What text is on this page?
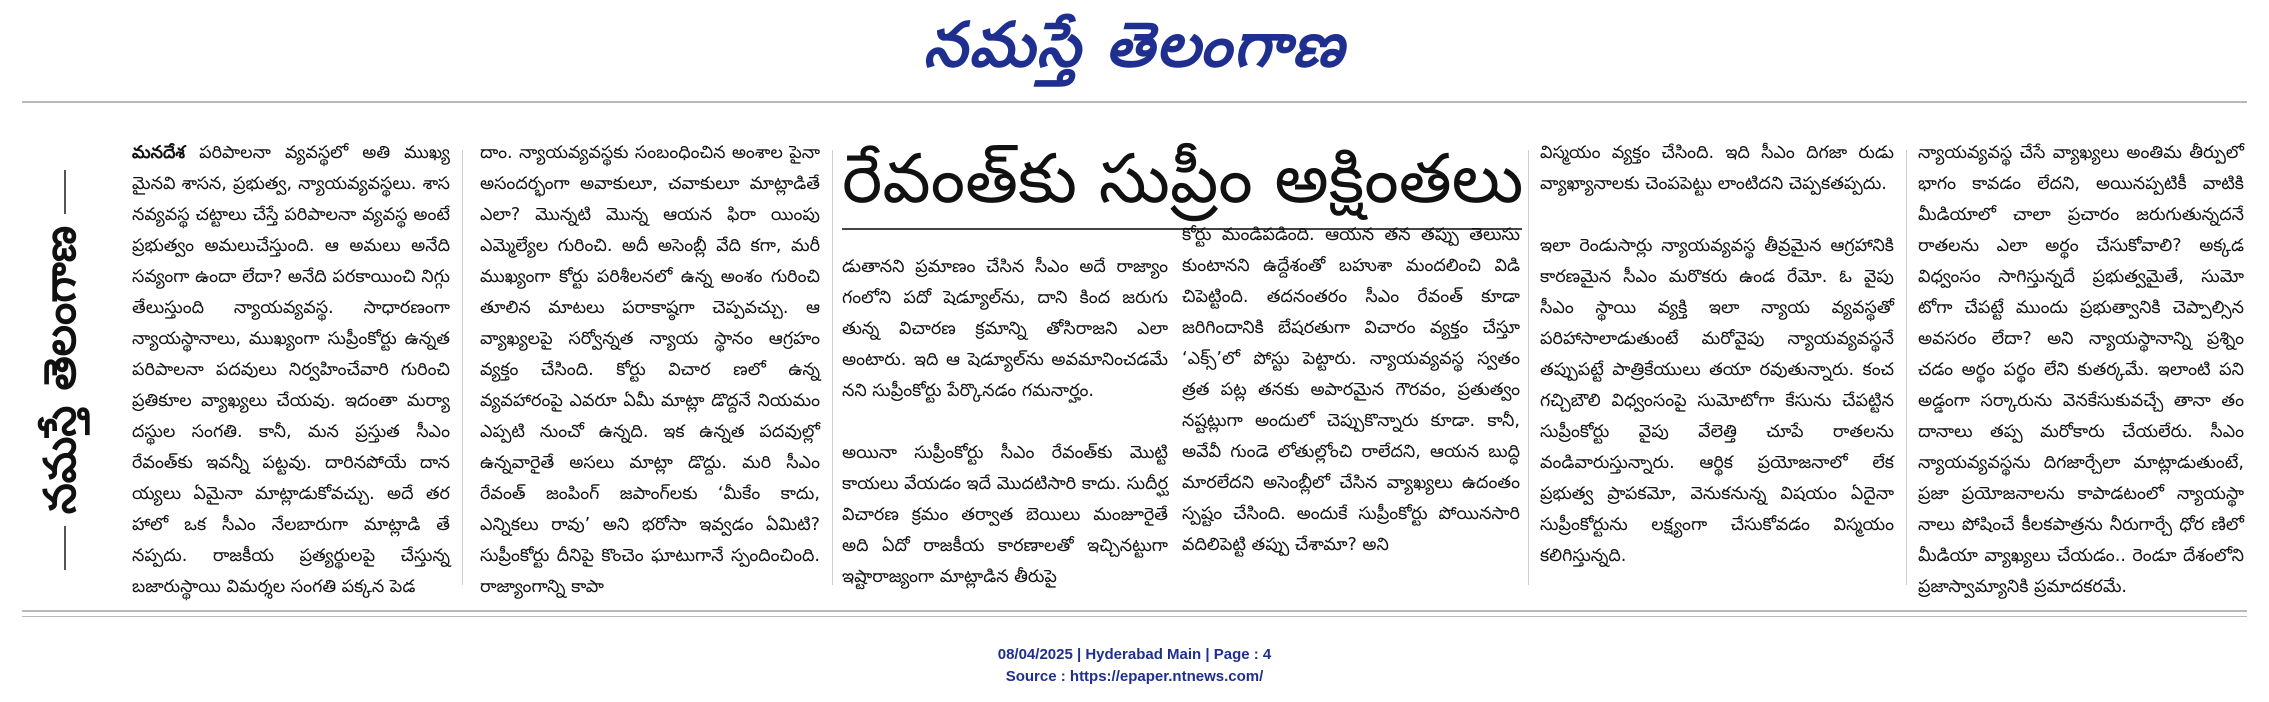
నమస్తే తెలంగాణ
నమస్తే తెలంగాణ

మనదేశ పరిపాలనా వ్యవస్థలో అతి ముఖ్య మైనవి శాసన, ప్రభుత్వ, న్యాయవ్యవస్థలు. శాస నవ్యవస్థ చట్టాలు చేస్తే పరిపాలనా వ్యవస్థ అంటే ప్రభుత్వం అమలుచేస్తుంది. ఆ అమలు అనేది సవ్యంగా ఉందా లేదా? అనేది పరకాయించి నిగ్గు తేలుస్తుంది న్యాయవ్యవస్థ. సాధారణంగా న్యాయస్థానాలు, ముఖ్యంగా సుప్రీంకోర్టు ఉన్నత పరిపాలనా పదవులు నిర్వహించేవారి గురించి ప్రతికూల వ్యాఖ్యలు చేయవు. ఇదంతా మర్యా దస్థుల సంగతి. కానీ, మన ప్రస్తుత సీఎం రేవంత్‌కు ఇవన్నీ పట్టవు. దారినపోయే దాన య్యలు ఏమైనా మాట్లాడుకోవచ్చు. అదే తర హాలో ఒక సీఎం నేలబారుగా మాట్లాడి తే నప్పదు. రాజకీయ ప్రత్యర్థులపై చేస్తున్న బజారుస్థాయి విమర్శల సంగతి పక్కన పెడ

దాం. న్యాయవ్యవస్థకు సంబంధించిన అంశాల పైనా అసందర్భంగా అవాకులూ, చవాకులూ మాట్లాడితే ఎలా? మొన్నటి మొన్న ఆయన ఫిరా యింపు ఎమ్మెల్యేల గురించి. అదీ అసెంబ్లీ వేది కగా, మరీ ముఖ్యంగా కోర్టు పరిశీలనలో ఉన్న అంశం గురించి తూలిన మాటలు పరాకాష్ఠగా చెప్పవచ్చు. ఆ వ్యాఖ్యలపై సర్వోన్నత న్యాయ స్థానం ఆగ్రహం వ్యక్తం చేసింది. కోర్టు విచార ణలో ఉన్న వ్యవహారంపై ఎవరూ ఏమీ మాట్లా డొద్దనే నియమం ఎప్పటి నుంచో ఉన్నది. ఇక ఉన్నత పదవుల్లో ఉన్నవారైతే అసలు మాట్లా డొద్దు. మరి సీఎం రేవంత్ జంపింగ్ జపాంగ్‌లకు ‘మీకేం కాదు, ఎన్నికలు రావు’ అని భరోసా ఇవ్వడం ఏమిటి? సుప్రీంకోర్టు దీనిపై కొంచెం ఘాటుగానే స్పందించింది. రాజ్యాంగాన్ని కాపా

రేవంత్‌కు సుప్రీం అక్షింతలు

డుతానని ప్రమాణం చేసిన సీఎం అదే రాజ్యాం గంలోని పదో షెడ్యూల్‌ను, దాని కింద జరుగు తున్న విచారణ క్రమాన్ని తోసిరాజని ఎలా అంటారు. ఇది ఆ షెడ్యూల్‌ను అవమానించడమే నని సుప్రీంకోర్టు పేర్కొనడం గమనార్హం.

అయినా సుప్రీంకోర్టు సీఎం రేవంత్‌కు మొట్టి కాయలు వేయడం ఇదే మొదటిసారి కాదు. సుదీర్ఘ విచారణ క్రమం తర్వాత బెయిలు మంజూరైతే అది ఏదో రాజకీయ కారణాలతో ఇచ్చినట్టుగా ఇష్టారాజ్యంగా మాట్లాడిన తీరుపై

కోర్టు మండిపడింది. ఆయన తన తప్పు తెలుసు కుంటానని ఉద్దేశంతో బహుశా మందలించి విడి చిపెట్టింది. తదనంతరం సీఎం రేవంత్ కూడా జరిగిందానికి బేషరతుగా విచారం వ్యక్తం చేస్తూ ‘ఎక్స్’లో పోస్టు పెట్టారు. న్యాయవ్యవస్థ స్వతం త్రత పట్ల తనకు అపారమైన గౌరవం, ప్రతుత్వం నష్టట్లుగా అందులో చెప్పుకొన్నారు కూడా. కానీ, అవేవీ గుండె లోతుల్లోంచి రాలేదని, ఆయన బుద్ధి మారలేదని అసెంబ్లీలో చేసిన వ్యాఖ్యలు ఉదంతం స్పష్టం చేసింది. అందుకే సుప్రీంకోర్టు పోయినసారి వదిలిపెట్టి తప్పు చేశామా? అని

విస్మయం వ్యక్తం చేసింది. ఇది సీఎం దిగజా రుడు వ్యాఖ్యానాలకు చెంపపెట్టు లాంటిదని చెప్పకతప్పదు.

ఇలా రెండుసార్లు న్యాయవ్యవస్థ తీవ్రమైన ఆగ్రహానికి కారణమైన సీఎం మరొకరు ఉండ రేమో. ఓ వైపు సీఎం స్థాయి వ్యక్తి ఇలా న్యాయ వ్యవస్థతో పరిహాసాలాడుతుంటే మరోవైపు న్యాయవ్యవస్థనే తప్పుపట్టే పాత్రికేయులు తయా రవుతున్నారు. కంచ గచ్చిబౌలి విధ్వంసంపై సుమోటోగా కేసును చేపట్టిన సుప్రీంకోర్టు వైపు వేలెత్తి చూపే రాతలను వండివారుస్తున్నారు. ఆర్థిక ప్రయోజనాలో లేక ప్రభుత్వ ప్రాపకమో, వెనుకనున్న విషయం ఏదైనా సుప్రీంకోర్టును లక్ష్యంగా చేసుకోవడం విస్మయం కలిగిస్తున్నది.

న్యాయవ్యవస్థ చేసే వ్యాఖ్యలు అంతిమ తీర్పులో భాగం కావడం లేదని, అయినప్పటికీ వాటికి మీడియాలో చాలా ప్రచారం జరుగుతున్నదనే రాతలను ఎలా అర్థం చేసుకోవాలి? అక్కడ విధ్వంసం సాగిస్తున్నదే ప్రభుత్వమైతే, సుమో టోగా చేపట్టే ముందు ప్రభుత్వానికి చెప్పాల్సిన అవసరం లేదా? అని న్యాయస్థానాన్ని ప్రశ్నిం చడం అర్థం పర్థం లేని కుతర్కమే. ఇలాంటి పని అడ్డంగా సర్కారును వెనకేసుకువచ్చే తానా తం దానాలు తప్ప మరోకారు చేయలేరు. సీఎం న్యాయవ్యవస్థను దిగజార్చేలా మాట్లాడుతుంటే, ప్రజా ప్రయోజనాలను కాపాడటంలో న్యాయస్థా నాలు పోషించే కీలకపాత్రను నీరుగార్చే ధోర ణిలో మీడియా వ్యాఖ్యలు చేయడం.. రెండూ దేశంలోని ప్రజాస్వామ్యానికి ప్రమాదకరమే.

08/04/2025 | Hyderabad Main | Page : 4
Source : https://epaper.ntnews.com/
